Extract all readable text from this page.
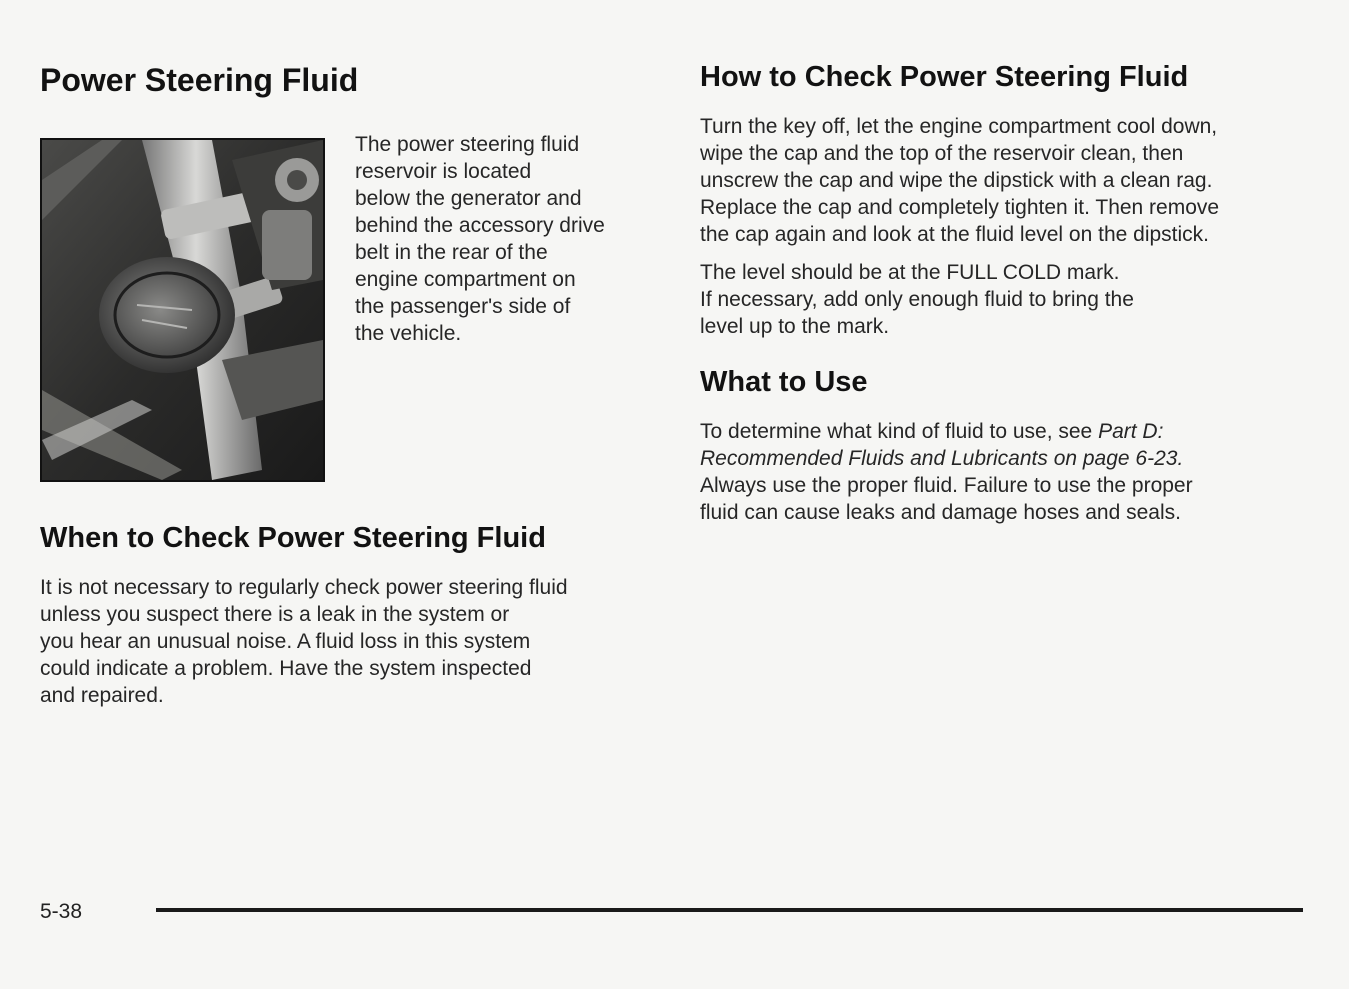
Power Steering Fluid

The power steering fluid
reservoir is located
below the generator and
behind the accessory drive
belt in the rear of the
engine compartment on
the passenger's side of
the vehicle.

When to Check Power Steering Fluid

It is not necessary to regularly check power steering fluid
unless you suspect there is a leak in the system or
you hear an unusual noise. A fluid loss in this system
could indicate a problem. Have the system inspected
and repaired.

How to Check Power Steering Fluid

Turn the key off, let the engine compartment cool down,
wipe the cap and the top of the reservoir clean, then
unscrew the cap and wipe the dipstick with a clean rag.
Replace the cap and completely tighten it. Then remove
the cap again and look at the fluid level on the dipstick.

The level should be at the FULL COLD mark.
If necessary, add only enough fluid to bring the
level up to the mark.

What to Use

To determine what kind of fluid to use, see Part D:
Recommended Fluids and Lubricants on page 6-23.
Always use the proper fluid. Failure to use the proper
fluid can cause leaks and damage hoses and seals.

5-38
